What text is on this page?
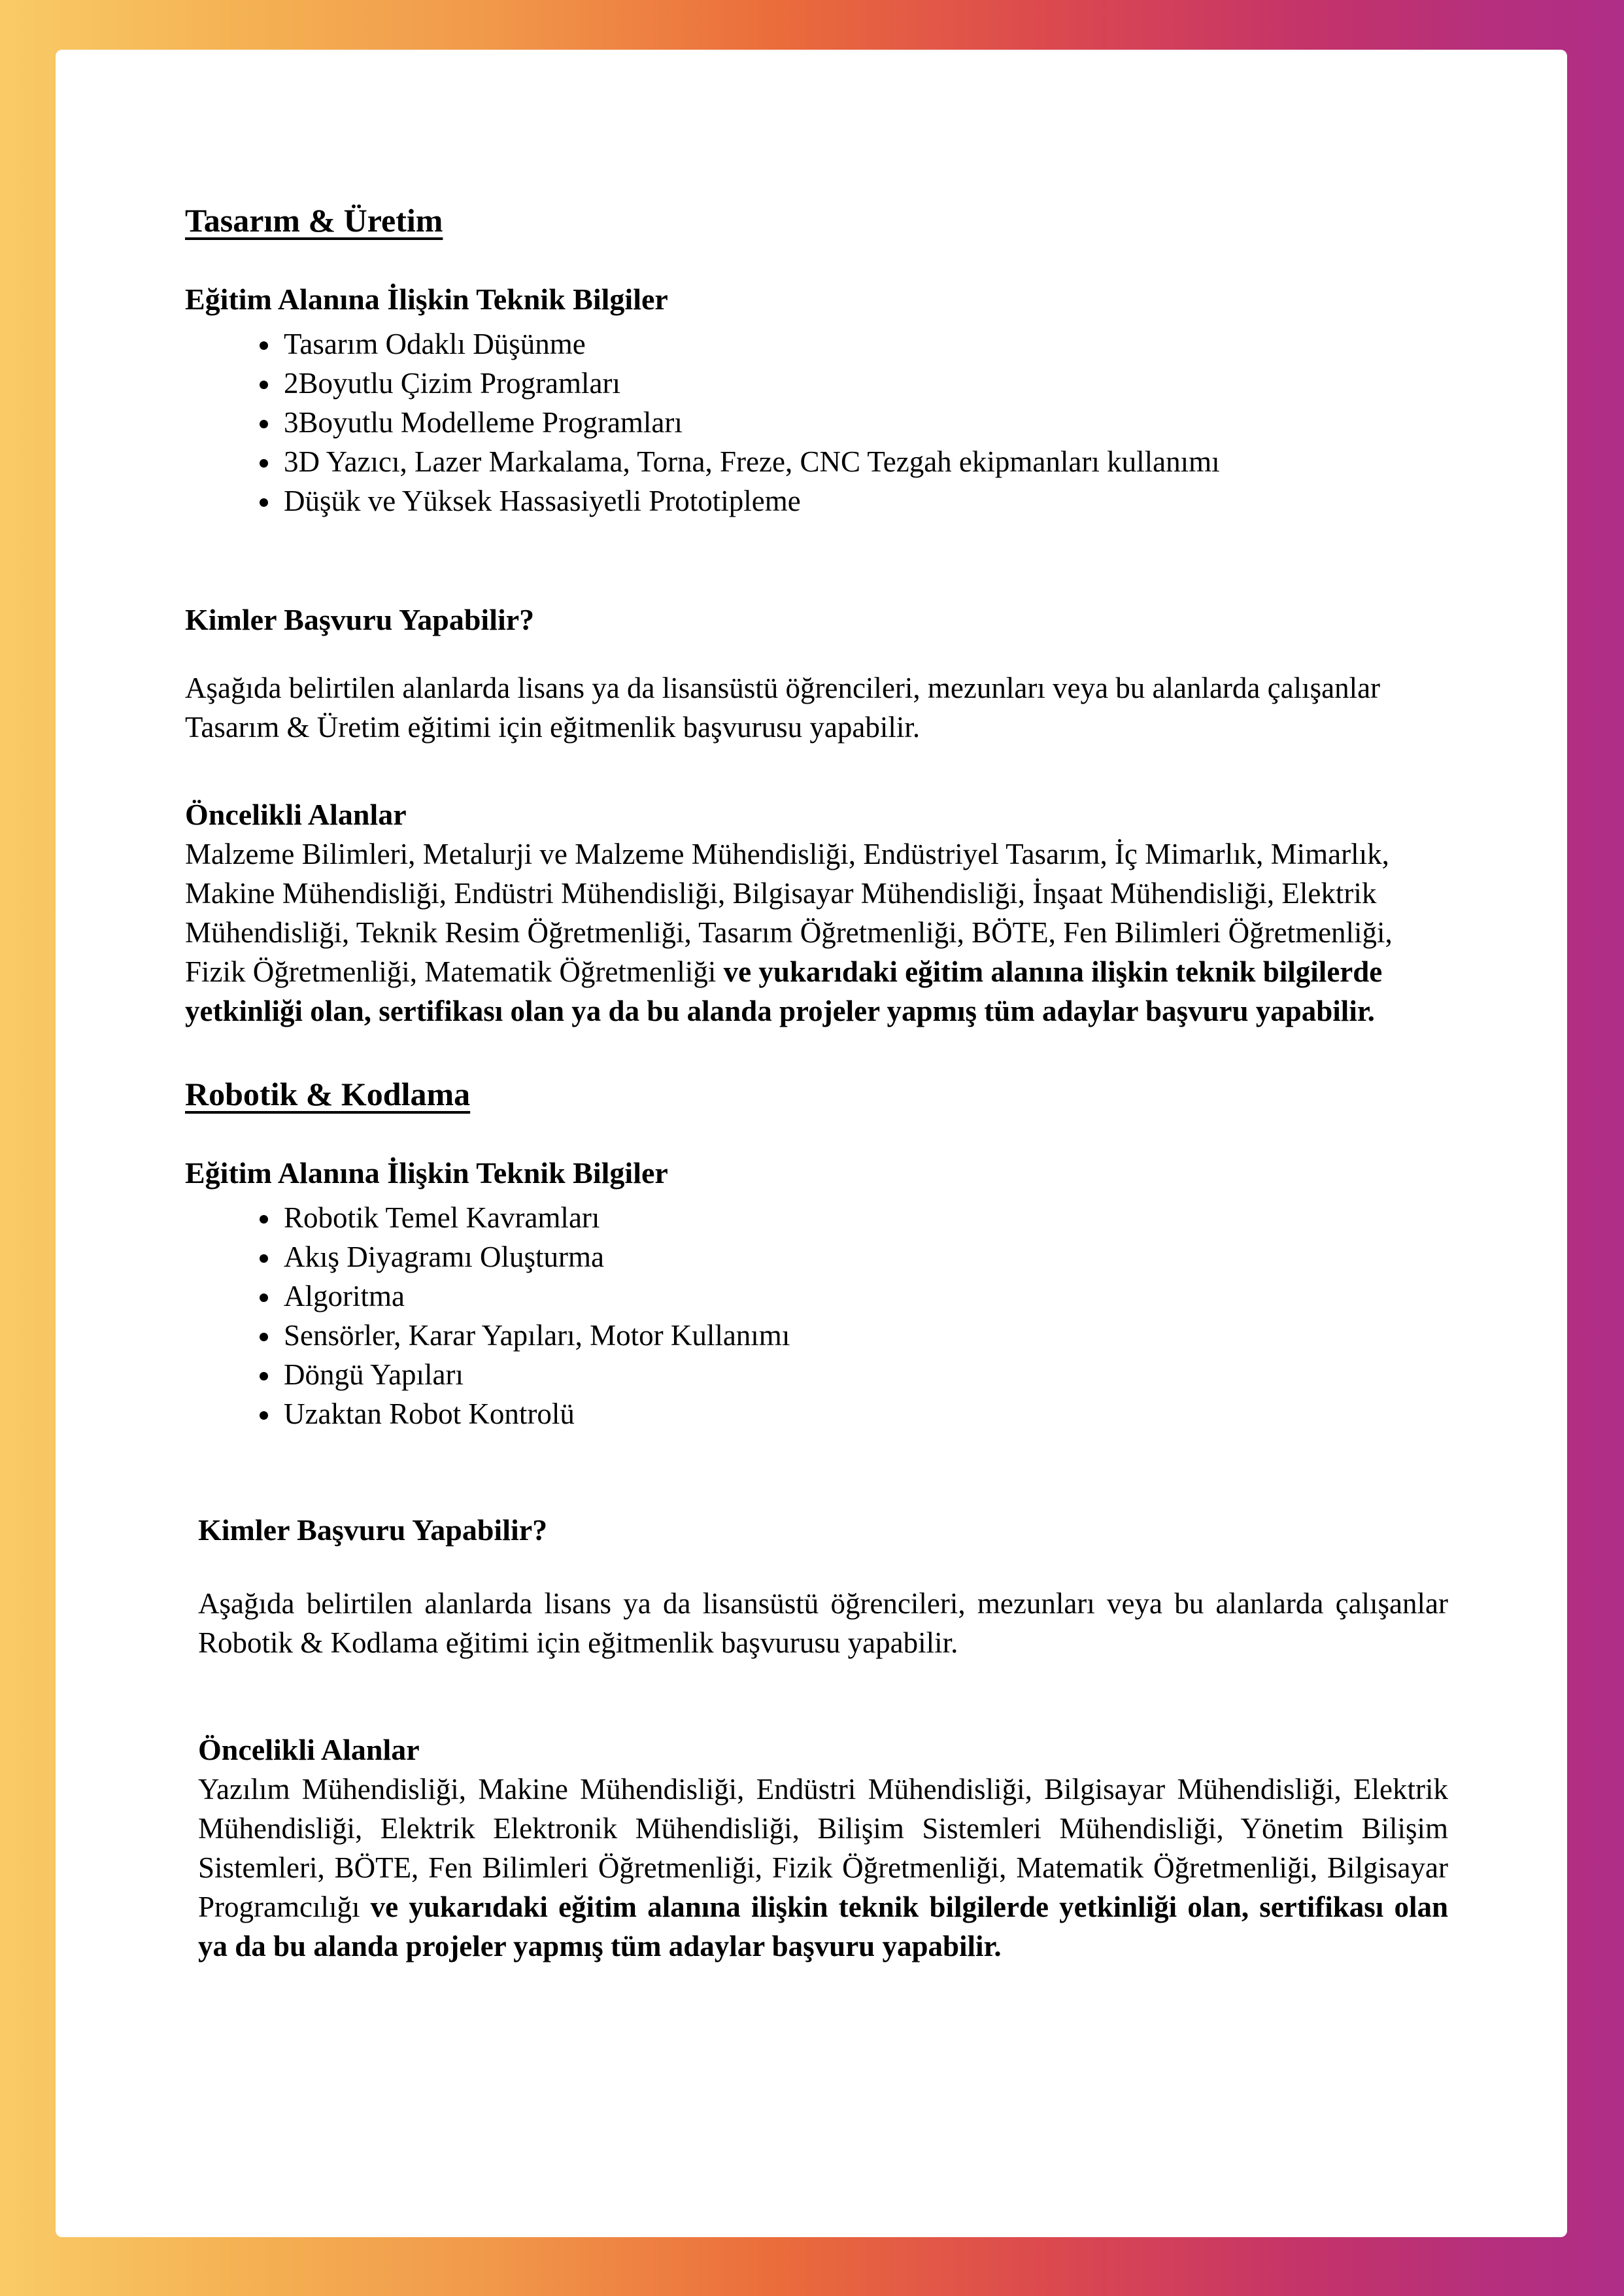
Tasarım & Üretim
Eğitim Alanına İlişkin Teknik Bilgiler
• Tasarım Odaklı Düşünme
• 2Boyutlu Çizim Programları
• 3Boyutlu Modelleme Programları
• 3D Yazıcı, Lazer Markalama, Torna, Freze, CNC Tezgah ekipmanları kullanımı
• Düşük ve Yüksek Hassasiyetli Prototipleme
Kimler Başvuru Yapabilir?

Aşağıda belirtilen alanlarda lisans ya da lisansüstü öğrencileri, mezunları veya bu alanlarda çalışanlar Tasarım & Üretim eğitimi için eğitmenlik başvurusu yapabilir.

Öncelikli Alanlar

Malzeme Bilimleri, Metalurji ve Malzeme Mühendisliği, Endüstriyel Tasarım, İç Mimarlık, Mimarlık, Makine Mühendisliği, Endüstri Mühendisliği, Bilgisayar Mühendisliği, İnşaat Mühendisliği, Elektrik Mühendisliği, Teknik Resim Öğretmenliği, Tasarım Öğretmenliği, BÖTE, Fen Bilimleri Öğretmenliği, Fizik Öğretmenliği, Matematik Öğretmenliği ve yukarıdaki eğitim alanına ilişkin teknik bilgilerde yetkinliği olan, sertifikası olan ya da bu alanda projeler yapmış tüm adaylar başvuru yapabilir.

Robotik & Kodlama
Eğitim Alanına İlişkin Teknik Bilgiler
• Robotik Temel Kavramları
• Akış Diyagramı Oluşturma
• Algoritma
• Sensörler, Karar Yapıları, Motor Kullanımı
• Döngü Yapıları
• Uzaktan Robot Kontrolü
Kimler Başvuru Yapabilir?

Aşağıda belirtilen alanlarda lisans ya da lisansüstü öğrencileri, mezunları veya bu alanlarda çalışanlar Robotik & Kodlama eğitimi için eğitmenlik başvurusu yapabilir.

Öncelikli Alanlar

Yazılım Mühendisliği, Makine Mühendisliği, Endüstri Mühendisliği, Bilgisayar Mühendisliği, Elektrik Mühendisliği, Elektrik Elektronik Mühendisliği, Bilişim Sistemleri Mühendisliği, Yönetim Bilişim Sistemleri, BÖTE, Fen Bilimleri Öğretmenliği, Fizik Öğretmenliği, Matematik Öğretmenliği, Bilgisayar Programcılığı ve yukarıdaki eğitim alanına ilişkin teknik bilgilerde yetkinliği olan, sertifikası olan ya da bu alanda projeler yapmış tüm adaylar başvuru yapabilir.
